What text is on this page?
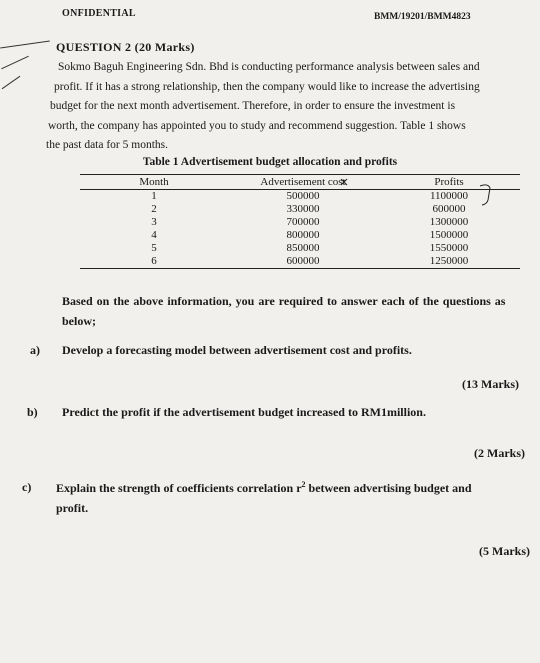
ONFIDENTIAL	BMM/19201/BMM4823
QUESTION 2 (20 Marks)
Sokmo Baguh Engineering Sdn. Bhd is conducting performance analysis between sales and
profit. If it has a strong relationship, then the company would like to increase the advertising
budget for the next month advertisement. Therefore, in order to ensure the investment is
worth, the company has appointed you to study and recommend suggestion. Table 1 shows
the past data for 5 months.
Table 1 Advertisement budget allocation and profits
Month	Advertisement cost	Profits
1	500000	1100000
2	330000	600000
3	700000	1300000
4	800000	1500000
5	850000	1550000
6	600000	1250000
Based on the above information, you are required to answer each of the questions as
below;
a) Develop a forecasting model between advertisement cost and profits.
(13 Marks)
b) Predict the profit if the advertisement budget increased to RM1million.
(2 Marks)
c) Explain the strength of coefficients correlation $r^2$ between advertising budget and
profit.
(5 Marks)
